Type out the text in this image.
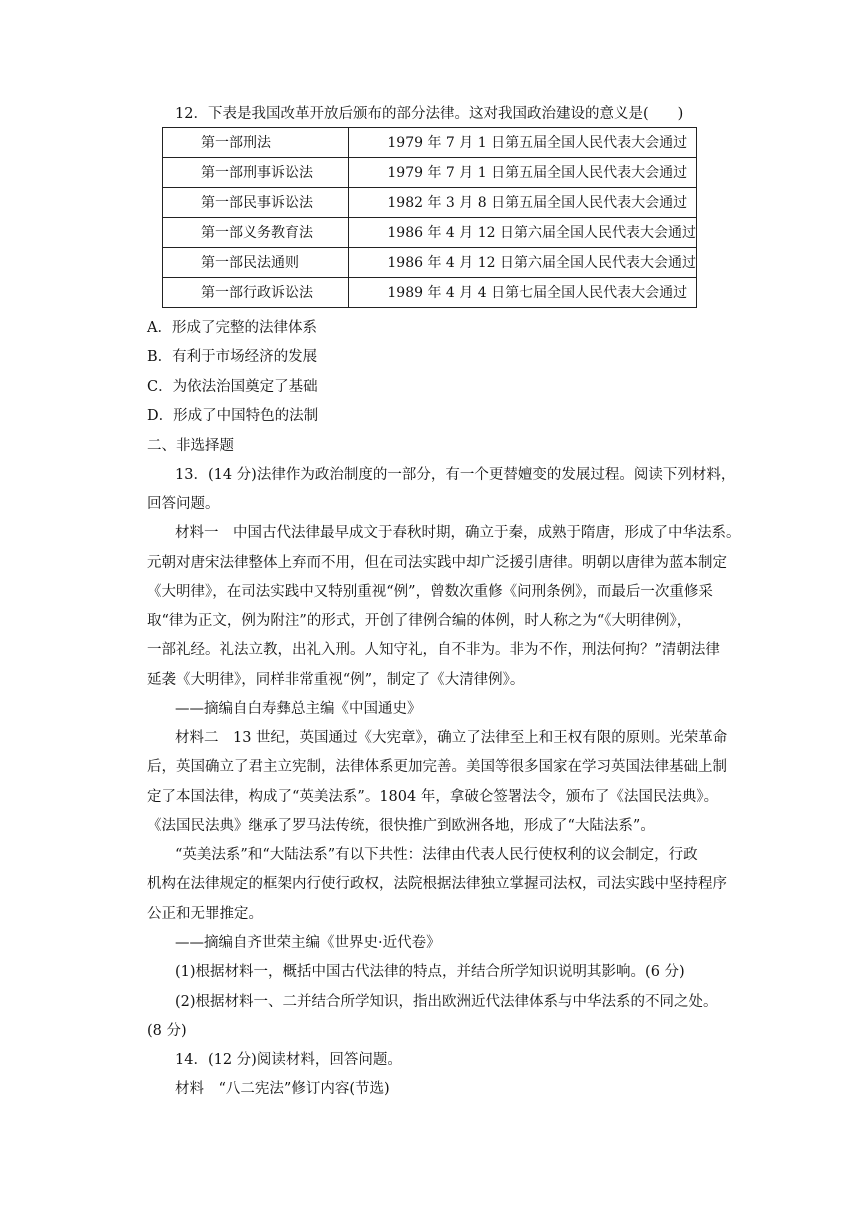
12．下表是我国改革开放后颁布的部分法律。这对我国政治建设的意义是(　　)
第一部刑法	1979 年 7 月 1 日第五届全国人民代表大会通过
第一部刑事诉讼法	1979 年 7 月 1 日第五届全国人民代表大会通过
第一部民事诉讼法	1982 年 3 月 8 日第五届全国人民代表大会通过
第一部义务教育法	1986 年 4 月 12 日第六届全国人民代表大会通过
第一部民法通则	1986 年 4 月 12 日第六届全国人民代表大会通过
第一部行政诉讼法	1989 年 4 月 4 日第七届全国人民代表大会通过
A．形成了完整的法律体系
B．有利于市场经济的发展
C．为依法治国奠定了基础
D．形成了中国特色的法制
二、非选择题
13．(14 分)法律作为政治制度的一部分，有一个更替嬗变的发展过程。阅读下列材料，
回答问题。
材料一　中国古代法律最早成文于春秋时期，确立于秦，成熟于隋唐，形成了中华法系。
元朝对唐宋法律整体上弃而不用，但在司法实践中却广泛援引唐律。明朝以唐律为蓝本制定
《大明律》，在司法实践中又特别重视“例”，曾数次重修《问刑条例》，而最后一次重修采
取“律为正文，例为附注”的形式，开创了律例合编的体例，时人称之为“《大明律例》，
一部礼经。礼法立教，出礼入刑。人知守礼，自不非为。非为不作，刑法何拘？”清朝法律
延袭《大明律》，同样非常重视“例”，制定了《大清律例》。
——摘编自白寿彝总主编《中国通史》
材料二　13 世纪，英国通过《大宪章》，确立了法律至上和王权有限的原则。光荣革命
后，英国确立了君主立宪制，法律体系更加完善。美国等很多国家在学习英国法律基础上制
定了本国法律，构成了“英美法系”。1804 年，拿破仑签署法令，颁布了《法国民法典》。
《法国民法典》继承了罗马法传统，很快推广到欧洲各地，形成了“大陆法系”。
“英美法系”和“大陆法系”有以下共性：法律由代表人民行使权利的议会制定，行政
机构在法律规定的框架内行使行政权，法院根据法律独立掌握司法权，司法实践中坚持程序
公正和无罪推定。
——摘编自齐世荣主编《世界史·近代卷》
(1)根据材料一，概括中国古代法律的特点，并结合所学知识说明其影响。(6 分)
(2)根据材料一、二并结合所学知识，指出欧洲近代法律体系与中华法系的不同之处。
(8 分)
14．(12 分)阅读材料，回答问题。
材料　“八二宪法”修订内容(节选)
